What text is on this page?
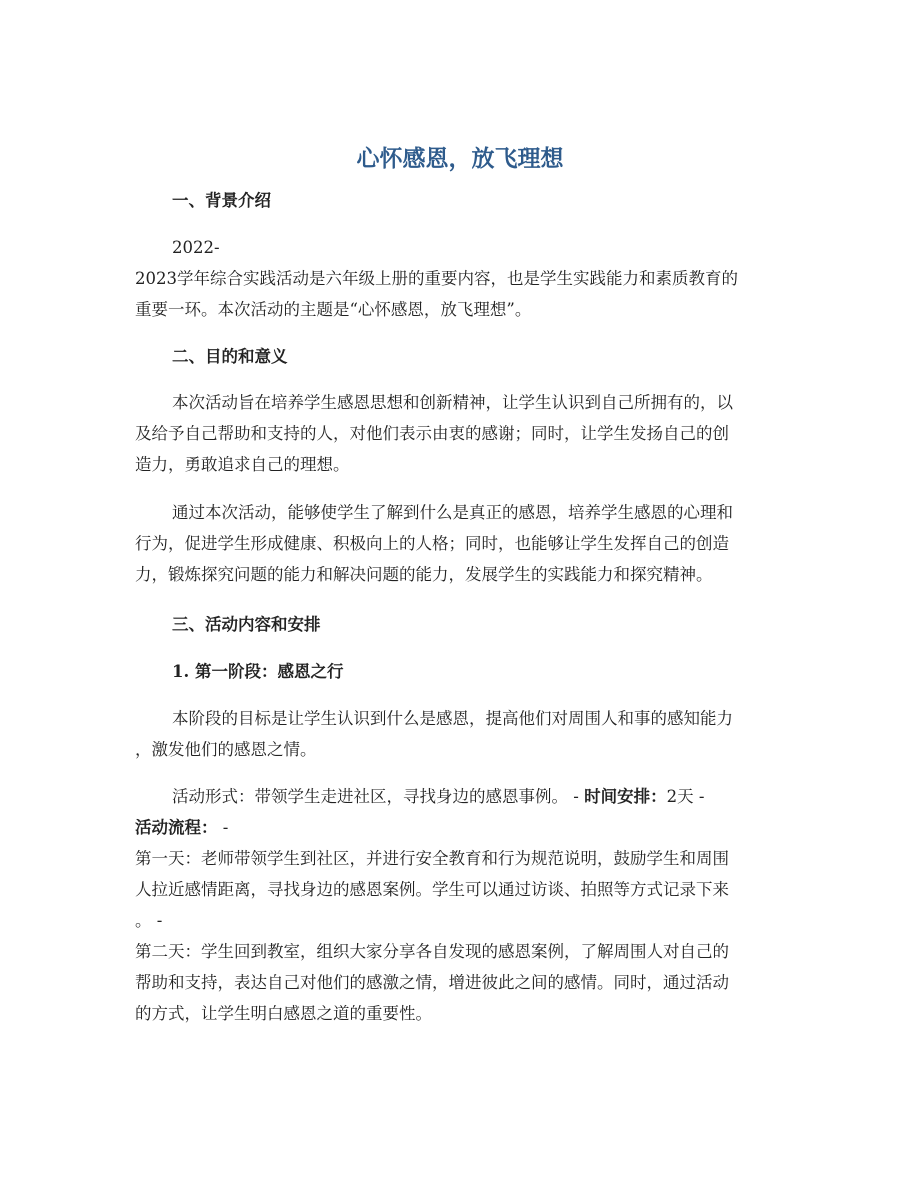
心怀感恩，放飞理想

一、背景介绍

2022-
2023学年综合实践活动是六年级上册的重要内容，也是学生实践能力和素质教育的
重要一环。本次活动的主题是“心怀感恩，放飞理想”。

二、目的和意义

本次活动旨在培养学生感恩思想和创新精神，让学生认识到自己所拥有的，以
及给予自己帮助和支持的人，对他们表示由衷的感谢；同时，让学生发扬自己的创
造力，勇敢追求自己的理想。

通过本次活动，能够使学生了解到什么是真正的感恩，培养学生感恩的心理和
行为，促进学生形成健康、积极向上的人格；同时，也能够让学生发挥自己的创造
力，锻炼探究问题的能力和解决问题的能力，发展学生的实践能力和探究精神。

三、活动内容和安排

1. 第一阶段：感恩之行

本阶段的目标是让学生认识到什么是感恩，提高他们对周围人和事的感知能力
，激发他们的感恩之情。

活动形式：带领学生走进社区，寻找身边的感恩事例。 - 时间安排：2天 -
活动流程： -
第一天：老师带领学生到社区，并进行安全教育和行为规范说明，鼓励学生和周围
人拉近感情距离，寻找身边的感恩案例。学生可以通过访谈、拍照等方式记录下来
。 -
第二天：学生回到教室，组织大家分享各自发现的感恩案例，了解周围人对自己的
帮助和支持，表达自己对他们的感激之情，增进彼此之间的感情。同时，通过活动
的方式，让学生明白感恩之道的重要性。
